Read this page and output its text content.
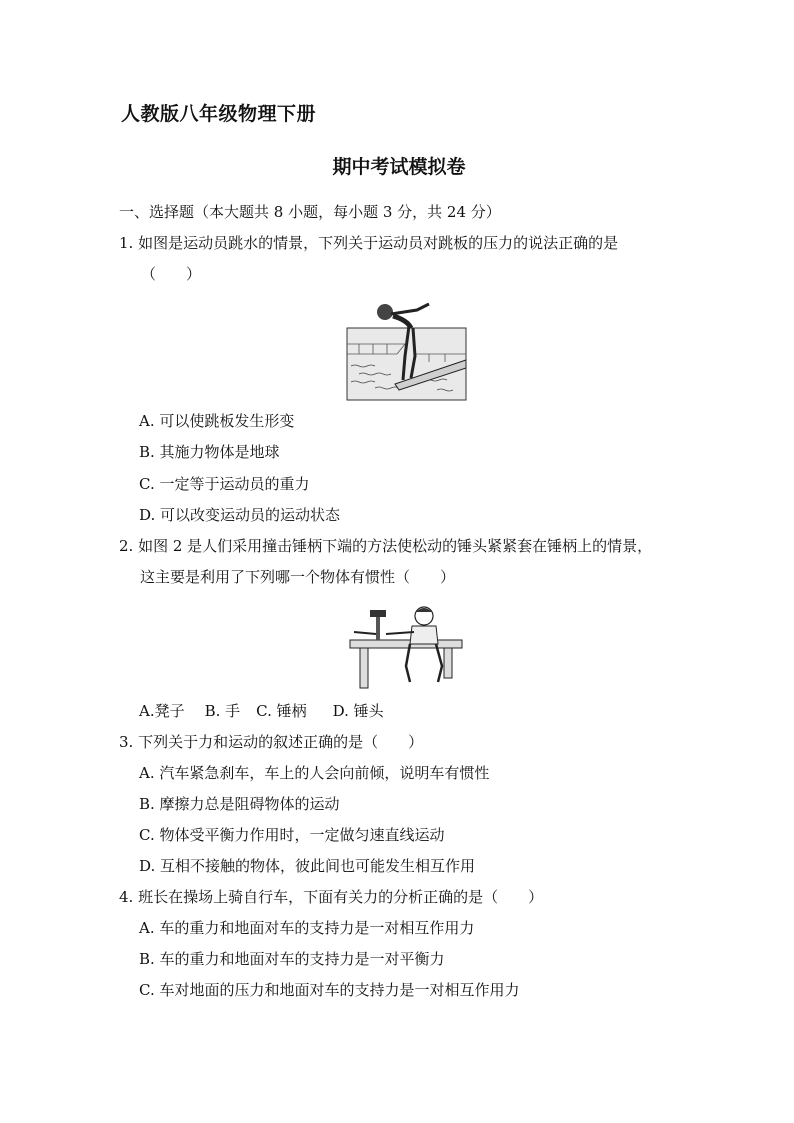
人教版八年级物理下册
期中考试模拟卷
一、选择题（本大题共 8 小题，每小题 3 分，共 24 分）
1. 如图是运动员跳水的情景，下列关于运动员对跳板的压力的说法正确的是
（　　）
A. 可以使跳板发生形变
B. 其施力物体是地球
C. 一定等于运动员的重力
D. 可以改变运动员的运动状态
2. 如图 2 是人们采用撞击锤柄下端的方法使松动的锤头紧紧套在锤柄上的情景，
这主要是利用了下列哪一个物体有惯性（　　）
A.凳子 B. 手 C. 锤柄 D. 锤头
3. 下列关于力和运动的叙述正确的是（　　）
A. 汽车紧急刹车，车上的人会向前倾，说明车有惯性
B. 摩擦力总是阻碍物体的运动
C. 物体受平衡力作用时，一定做匀速直线运动
D. 互相不接触的物体，彼此间也可能发生相互作用
4. 班长在操场上骑自行车，下面有关力的分析正确的是（　　）
A. 车的重力和地面对车的支持力是一对相互作用力
B. 车的重力和地面对车的支持力是一对平衡力
C. 车对地面的压力和地面对车的支持力是一对相互作用力
